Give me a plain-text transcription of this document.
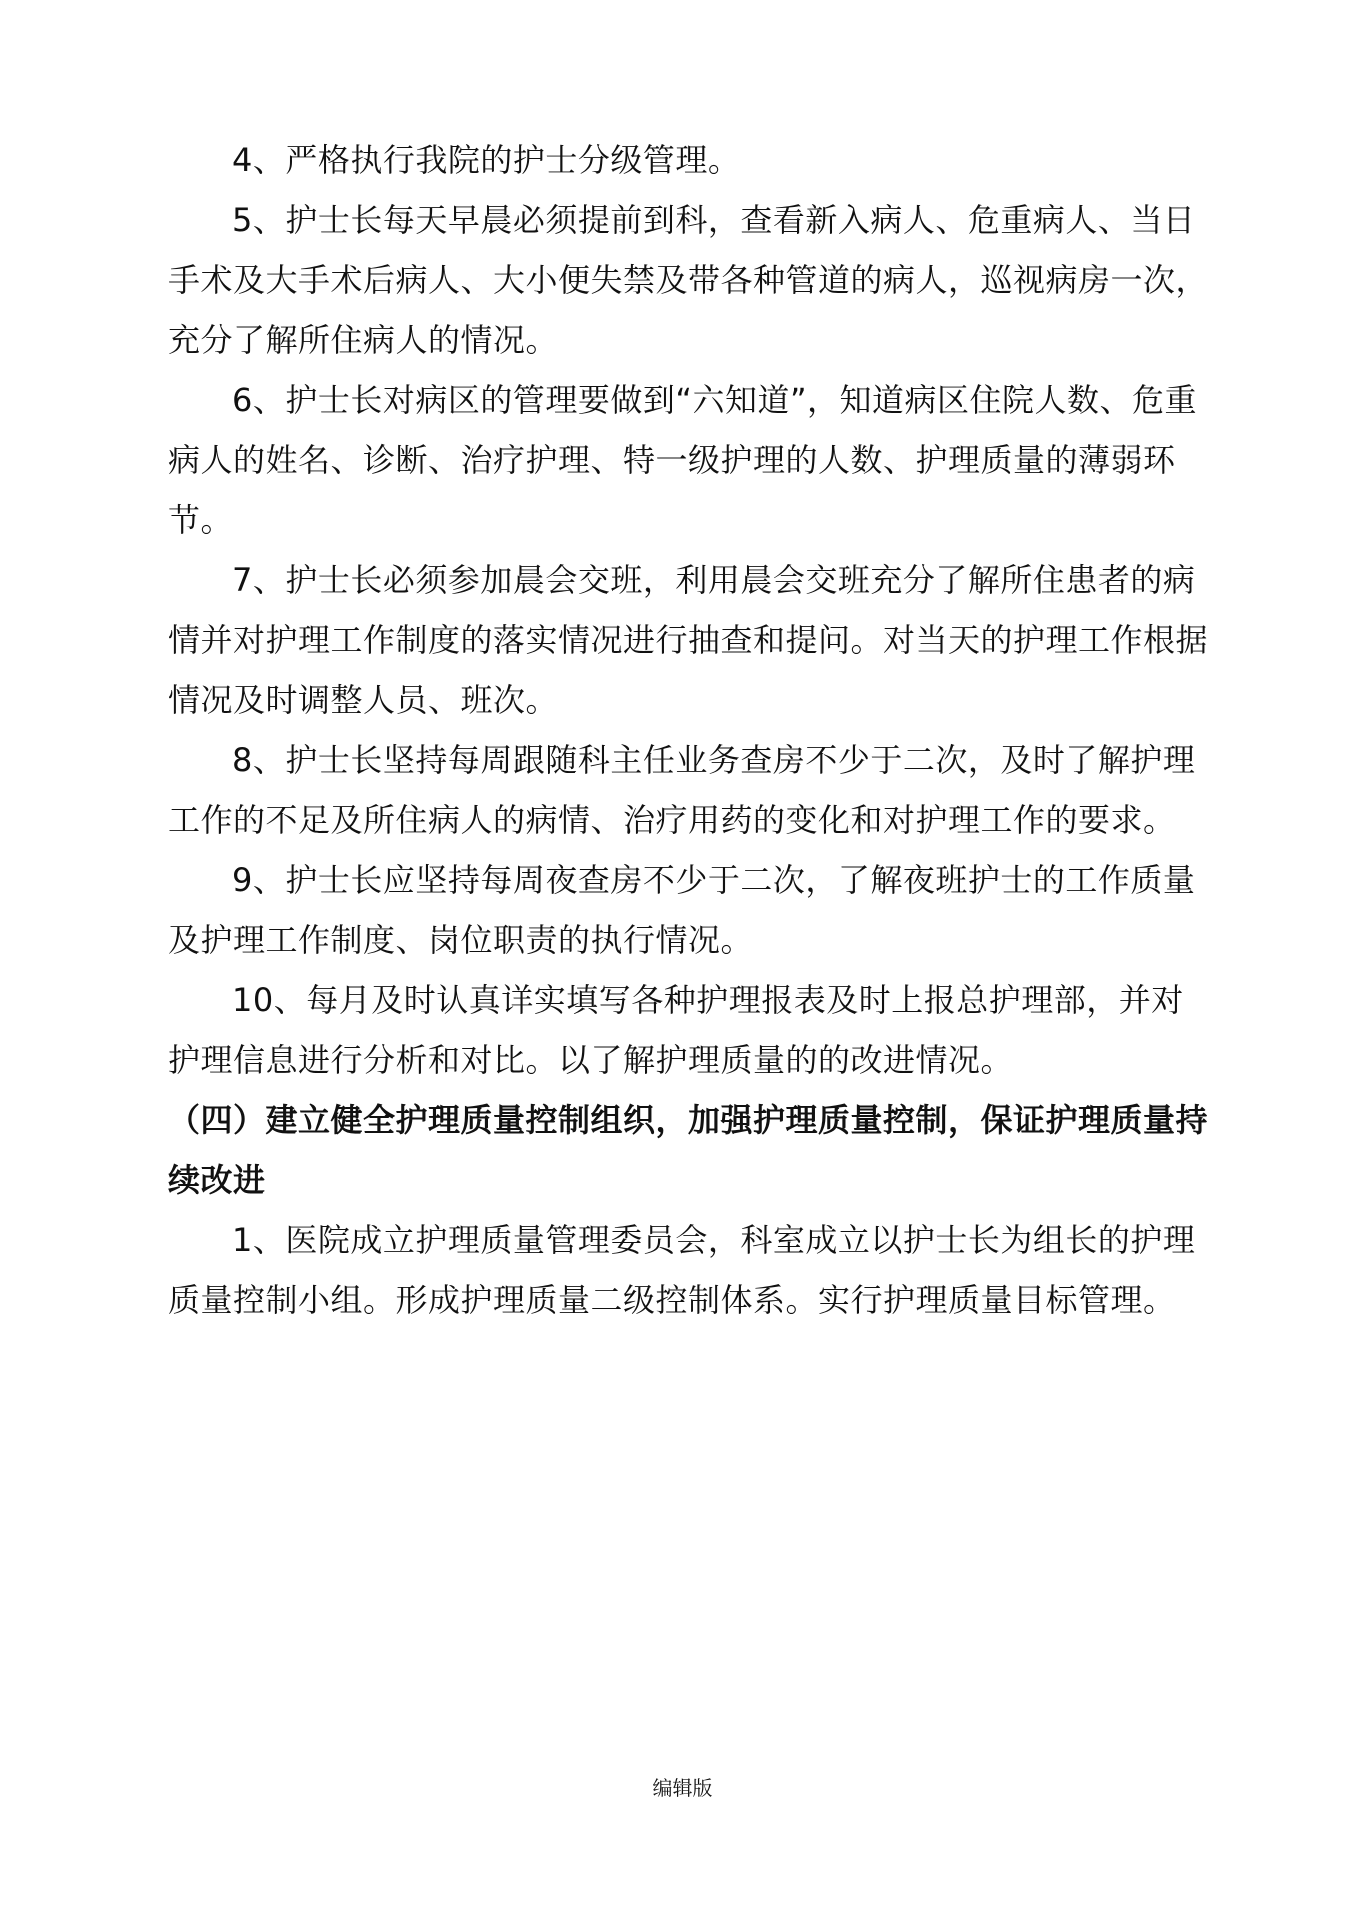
4、严格执行我院的护士分级管理。

5、护士长每天早晨必须提前到科，查看新入病人、危重病人、当日手术及大手术后病人、大小便失禁及带各种管道的病人，巡视病房一次，充分了解所住病人的情况。

6、护士长对病区的管理要做到“六知道”，知道病区住院人数、危重病人的姓名、诊断、治疗护理、特一级护理的人数、护理质量的薄弱环节。

7、护士长必须参加晨会交班，利用晨会交班充分了解所住患者的病情并对护理工作制度的落实情况进行抽查和提问。对当天的护理工作根据情况及时调整人员、班次。

8、护士长坚持每周跟随科主任业务查房不少于二次，及时了解护理工作的不足及所住病人的病情、治疗用药的变化和对护理工作的要求。

9、护士长应坚持每周夜查房不少于二次，了解夜班护士的工作质量及护理工作制度、岗位职责的执行情况。

10、每月及时认真详实填写各种护理报表及时上报总护理部，并对护理信息进行分析和对比。以了解护理质量的的改进情况。

（四）建立健全护理质量控制组织，加强护理质量控制，保证护理质量持续改进

1、医院成立护理质量管理委员会，科室成立以护士长为组长的护理质量控制小组。形成护理质量二级控制体系。实行护理质量目标管理。

编辑版
